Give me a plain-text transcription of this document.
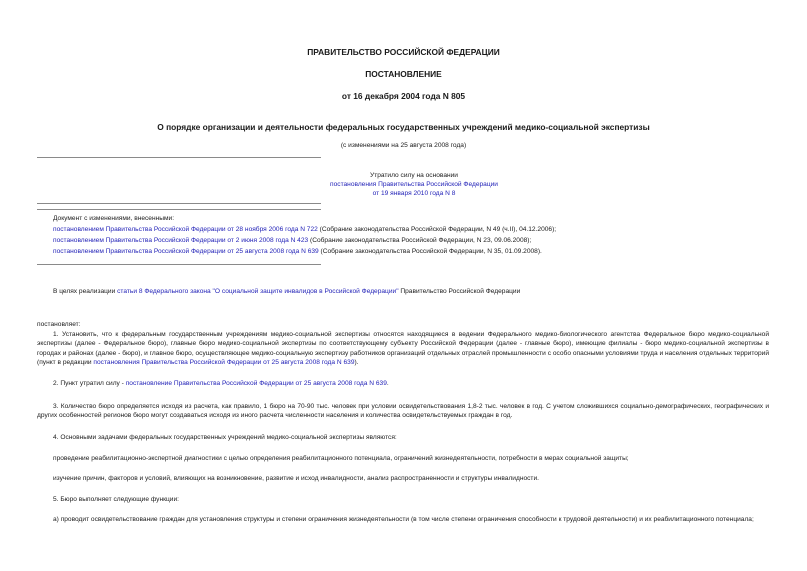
ПРАВИТЕЛЬСТВО РОССИЙСКОЙ ФЕДЕРАЦИИ
ПОСТАНОВЛЕНИЕ
от 16 декабря 2004 года N 805
О порядке организации и деятельности федеральных государственных учреждений медико-социальной экспертизы
(с изменениями на 25 августа 2008 года)
Утратило силу на основании
постановления Правительства Российской Федерации
от 19 января 2010 года N 8
Документ с изменениями, внесенными:
постановлением Правительства Российской Федерации от 28 ноября 2006 года N 722 (Собрание законодательства Российской Федерации, N 49 (ч.II), 04.12.2006);
постановлением Правительства Российской Федерации от 2 июня 2008 года N 423 (Собрание законодательства Российской Федерации, N 23, 09.06.2008);
постановлением Правительства Российской Федерации от 25 августа 2008 года N 639 (Собрание законодательства Российской Федерации, N 35, 01.09.2008).
В целях реализации статьи 8 Федерального закона "О социальной защите инвалидов в Российской Федерации" Правительство Российской Федерации
постановляет:
1. Установить, что к федеральным государственным учреждениям медико-социальной экспертизы относятся находящиеся в ведении Федерального медико-биологического агентства Федеральное бюро медико-социальной экспертизы (далее - Федеральное бюро), главные бюро медико-социальной экспертизы по соответствующему субъекту Российской Федерации (далее - главные бюро), имеющие филиалы - бюро медико-социальной экспертизы в городах и районах (далее - бюро), и главное бюро, осуществляющее медико-социальную экспертизу работников организаций отдельных отраслей промышленности с особо опасными условиями труда и населения отдельных территорий (пункт в редакции постановления Правительства Российской Федерации от 25 августа 2008 года N 639).
2. Пункт утратил силу - постановление Правительства Российской Федерации от 25 августа 2008 года N 639.
3. Количество бюро определяется исходя из расчета, как правило, 1 бюро на 70-90 тыс. человек при условии освидетельствования 1,8-2 тыс. человек в год. С учетом сложившихся социально-демографических, географических и других особенностей регионов бюро могут создаваться исходя из иного расчета численности населения и количества освидетельствуемых граждан в год.
4. Основными задачами федеральных государственных учреждений медико-социальной экспертизы являются:
проведение реабилитационно-экспертной диагностики с целью определения реабилитационного потенциала, ограничений жизнедеятельности, потребности в мерах социальной защиты;
изучение причин, факторов и условий, влияющих на возникновение, развитие и исход инвалидности, анализ распространенности и структуры инвалидности.
5. Бюро выполняет следующие функции:
а) проводит освидетельствование граждан для установления структуры и степени ограничения жизнедеятельности (в том числе степени ограничения способности к трудовой деятельности) и их реабилитационного потенциала;
